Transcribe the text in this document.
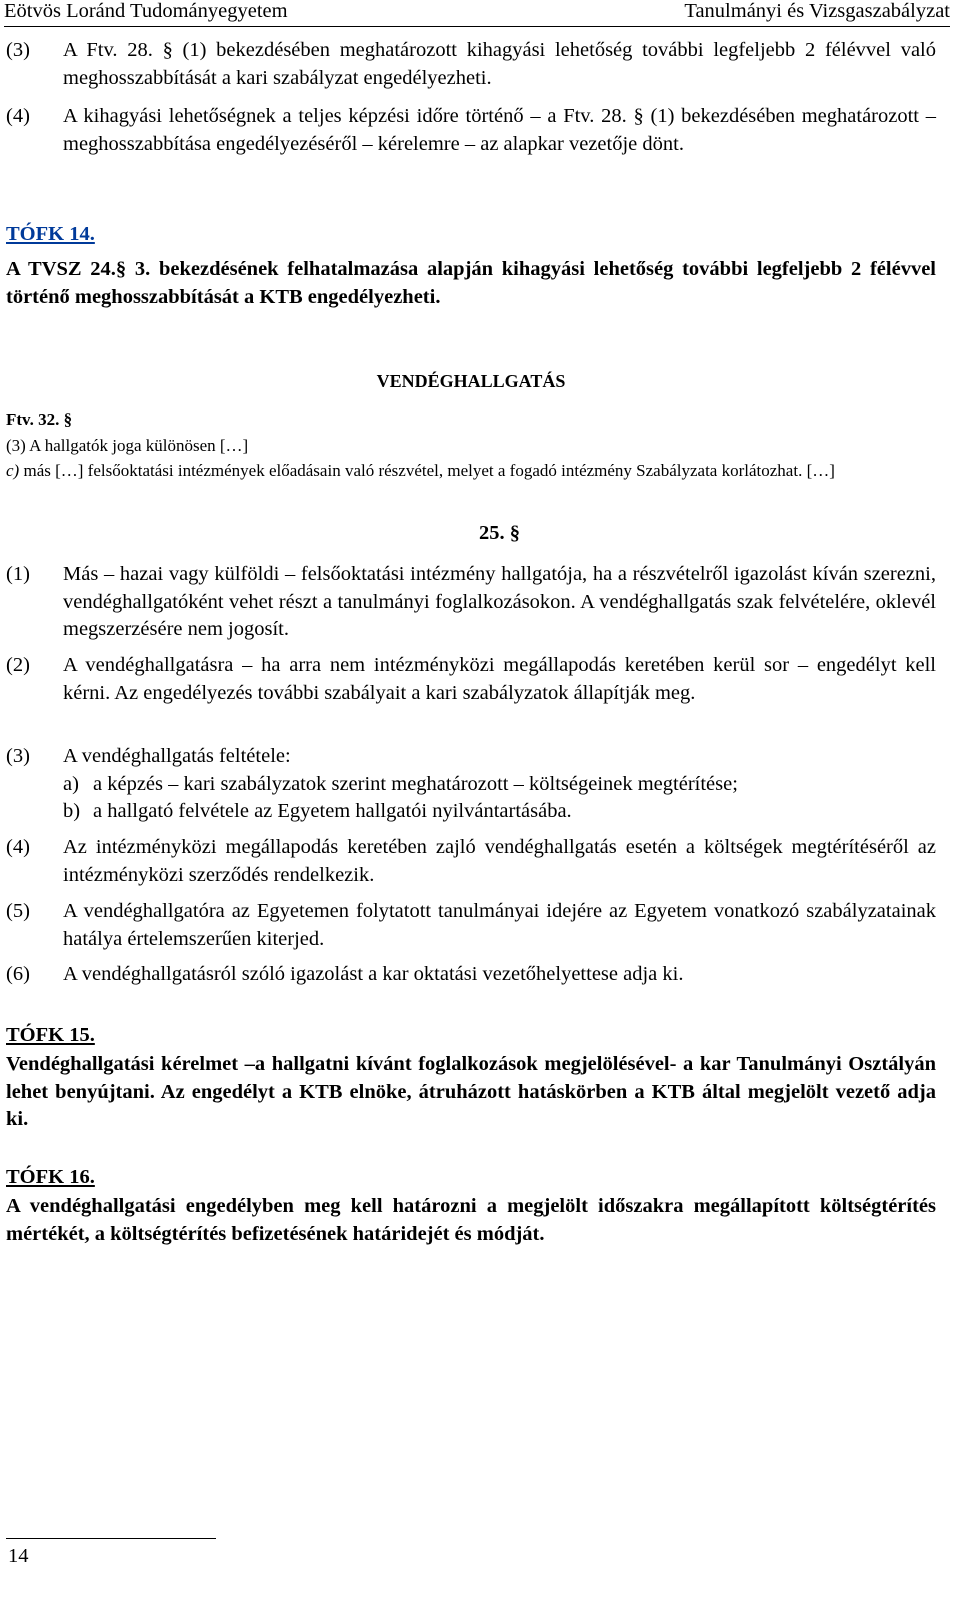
Eötvös Loránd Tudományegyetem	Tanulmányi és Vizsgaszabályzat
(3)	A Ftv. 28. § (1) bekezdésében meghatározott kihagyási lehetőség további legfeljebb 2 félévvel való meghosszabbítását a kari szabályzat engedélyezheti.
(4)	A kihagyási lehetőségnek a teljes képzési időre történő – a Ftv. 28. § (1) bekezdésében meghatározott – meghosszabbítása engedélyezéséről – kérelemre – az alapkar vezetője dönt.
TÓFK 14.
A TVSZ 24.§ 3. bekezdésének felhatalmazása alapján kihagyási lehetőség további legfeljebb 2 félévvel történő meghosszabbítását a KTB engedélyezheti.
VENDÉGHALLGATÁS
Ftv. 32. §
(3) A hallgatók joga különösen […]
c) más […] felsőoktatási intézmények előadásain való részvétel, melyet a fogadó intézmény Szabályzata korlátozhat. […]
25. §
(1)	Más – hazai vagy külföldi – felsőoktatási intézmény hallgatója, ha a részvételről igazolást kíván szerezni, vendéghallgatóként vehet részt a tanulmányi foglalkozásokon. A vendéghallgatás szak felvételére, oklevél megszerzésére nem jogosít.
(2)	A vendéghallgatásra – ha arra nem intézményközi megállapodás keretében kerül sor – engedélyt kell kérni. Az engedélyezés további szabályait a kari szabályzatok állapítják meg.
(3)	A vendéghallgatás feltétele:
a) a képzés – kari szabályzatok szerint meghatározott – költségeinek megtérítése;
b) a hallgató felvétele az Egyetem hallgatói nyilvántartásába.
(4)	Az intézményközi megállapodás keretében zajló vendéghallgatás esetén a költségek megtérítéséről az intézményközi szerződés rendelkezik.
(5)	A vendéghallgatóra az Egyetemen folytatott tanulmányai idejére az Egyetem vonatkozó szabályzatainak hatálya értelemszerűen kiterjed.
(6)	A vendéghallgatásról szóló igazolást a kar oktatási vezetőhelyettese adja ki.
TÓFK 15.
Vendéghallgatási kérelmet –a hallgatni kívánt foglalkozások megjelölésével- a kar Tanulmányi Osztályán lehet benyújtani. Az engedélyt a KTB elnöke, átruházott hatáskörben a KTB által megjelölt vezető adja ki.
TÓFK 16.
A vendéghallgatási engedélyben meg kell határozni a megjelölt időszakra megállapított költségtérítés mértékét, a költségtérítés befizetésének határidejét és módját.
14
